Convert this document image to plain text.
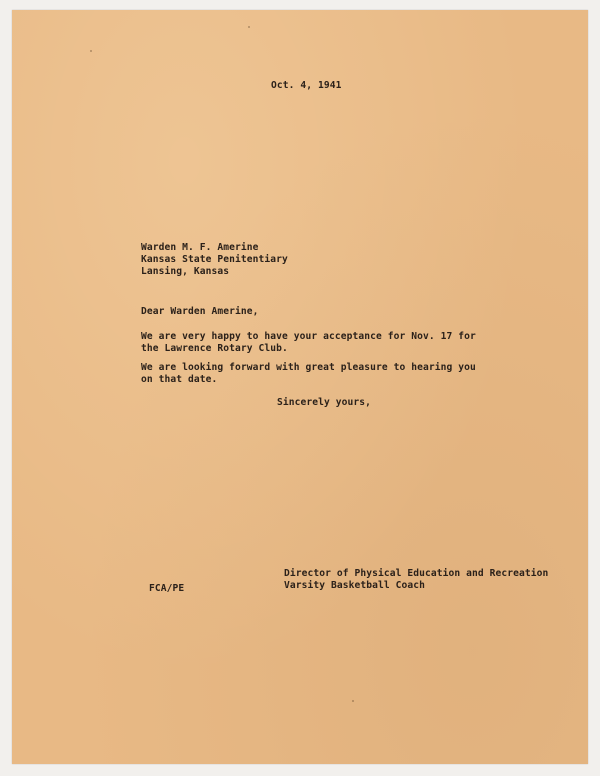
Oct. 4, 1941
Warden M. F. Amerine
Kansas State Penitentiary
Lansing, Kansas
Dear Warden Amerine,
We are very happy to have your acceptance for Nov. 17 for
the Lawrence Rotary Club.
We are looking forward with great pleasure to hearing you
on that date.
Sincerely yours,
FCA/PE
Director of Physical Education and Recreation
Varsity Basketball Coach
